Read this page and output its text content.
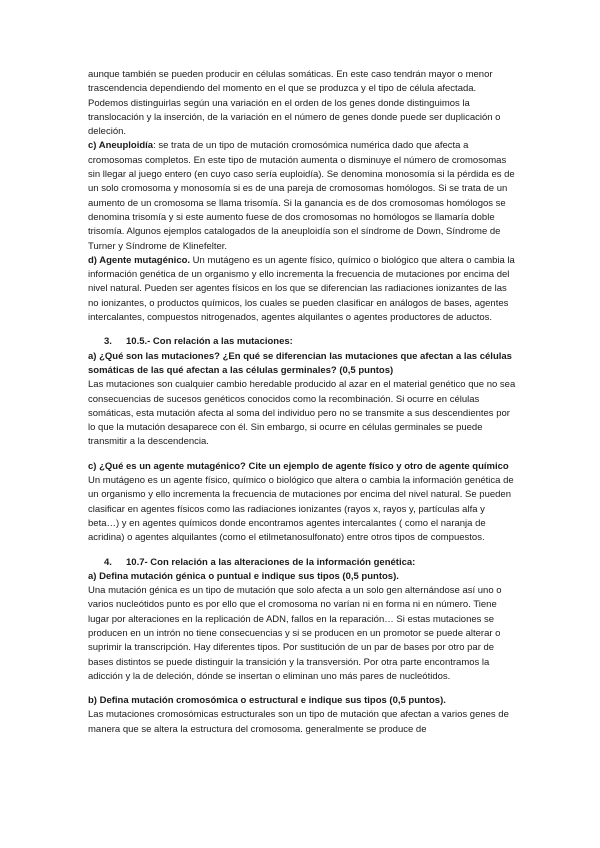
aunque también se pueden producir en células somáticas. En este caso tendrán mayor o menor trascendencia dependiendo del momento en el que se produzca y el tipo de célula afectada. Podemos distinguirlas según una variación en el orden de los genes donde distinguimos la translocación y la inserción, de la variación en el número de genes donde puede ser duplicación o deleción.

c) Aneuploidía: se trata de un tipo de mutación cromosómica numérica dado que afecta a cromosomas completos. En este tipo de mutación aumenta o disminuye el número de cromosomas sin llegar al juego entero (en cuyo caso sería euploidía). Se denomina monosomía si la pérdida es de un solo cromosoma y monosomía si es de una pareja de cromosomas homólogos. Si se trata de un aumento de un cromosoma se llama trisomía. Si la ganancia es de dos cromosomas homólogos se denomina trisomía y si este aumento fuese de dos cromosomas no homólogos se llamaría doble trisomía. Algunos ejemplos catalogados de la aneuploidía son el síndrome de Down, Síndrome de Turner y Síndrome de Klinefelter.

d) Agente mutagénico. Un mutágeno es un agente físico, químico o biológico que altera o cambia la información genética de un organismo y ello incrementa la frecuencia de mutaciones por encima del nivel natural. Pueden ser agentes físicos en los que se diferencian las radiaciones ionizantes de las no ionizantes, o productos químicos, los cuales se pueden clasificar en análogos de bases, agentes intercalantes, compuestos nitrogenados, agentes alquilantes o agentes productores de aductos.

3. 10.5.- Con relación a las mutaciones:

a) ¿Qué son las mutaciones? ¿En qué se diferencian las mutaciones que afectan a las células somáticas de las qué afectan a las células germinales? (0,5 puntos)

Las mutaciones son cualquier cambio heredable producido al azar en el material genético que no sea consecuencias de sucesos genéticos conocidos como la recombinación. Si ocurre en células somáticas, esta mutación afecta al soma del individuo pero no se transmite a sus descendientes por lo que la mutación desaparece con él. Sin embargo, si ocurre en células germinales se puede transmitir a la descendencia.

c) ¿Qué es un agente mutagénico? Cite un ejemplo de agente físico y otro de agente químico

Un mutágeno es un agente físico, químico o biológico que altera o cambia la información genética de un organismo y ello incrementa la frecuencia de mutaciones por encima del nivel natural. Se pueden clasificar en agentes físicos como las radiaciones ionizantes (rayos x, rayos y, partículas alfa y beta…) y en agentes químicos donde encontramos agentes intercalantes ( como el naranja de acridina) o agentes alquilantes (como el etilmetanosulfonato) entre otros tipos de compuestos.

4. 10.7- Con relación a las alteraciones de la información genética:

a) Defina mutación génica o puntual e indique sus tipos (0,5 puntos).

Una mutación génica es un tipo de mutación que solo afecta a un solo gen alternándose así uno o varios nucleótidos punto es por ello que el cromosoma no varían ni en forma ni en número. Tiene lugar por alteraciones en la replicación de ADN, fallos en la reparación… Si estas mutaciones se producen en un intrón no tiene consecuencias y si se producen en un promotor se puede alterar o suprimir la transcripción. Hay diferentes tipos. Por sustitución de un par de bases por otro par de bases distintos se puede distinguir la transición y la transversión. Por otra parte encontramos la adicción y la de deleción, dónde se insertan o eliminan uno más pares de nucleótidos.

b) Defina mutación cromosómica o estructural e indique sus tipos (0,5 puntos).

Las mutaciones cromosómicas estructurales son un tipo de mutación que afectan a varios genes de manera que se altera la estructura del cromosoma. generalmente se produce de
